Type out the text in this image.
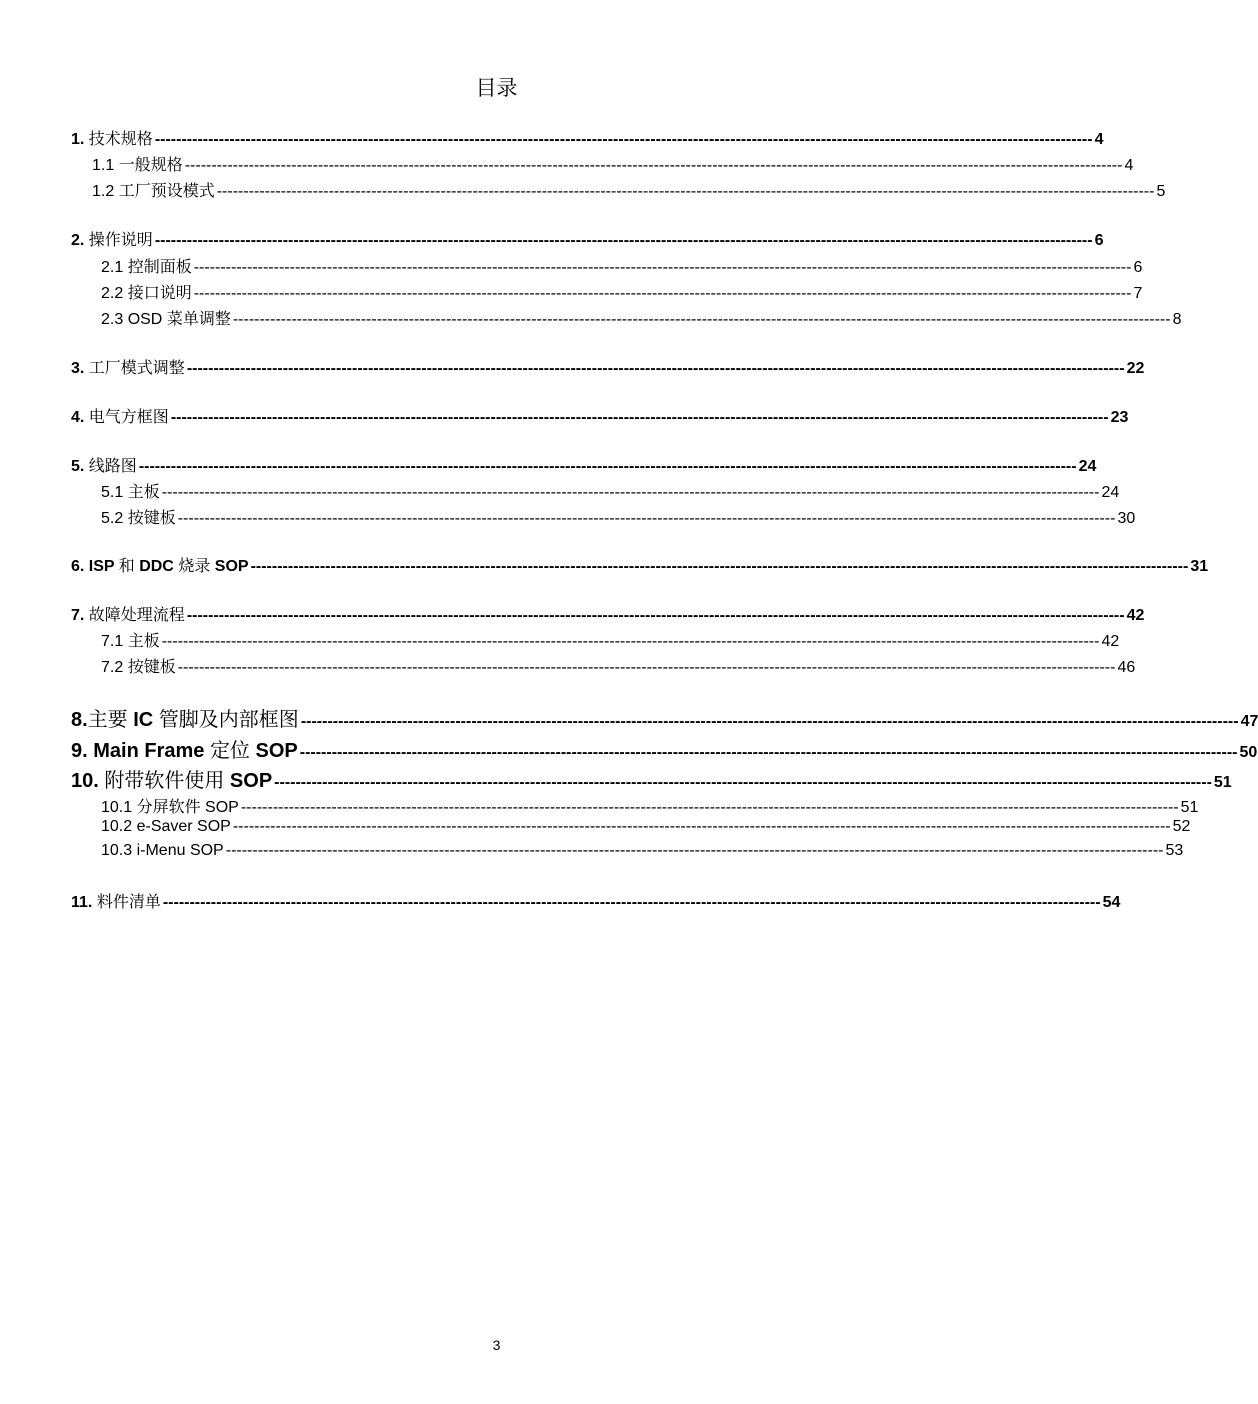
目录
1. 技术规格 -------------------------------------------------------------------------------------------------------------------------------------------------------------------------------- 4
1.1 一般规格 -------------------------------------------------------------------------------------------------------------------------------------------------------------------------------- 4
1.2 工厂预设模式 -------------------------------------------------------------------------------------------------------------------------------------------------------------------------------- 5
2. 操作说明 -------------------------------------------------------------------------------------------------------------------------------------------------------------------------------- 6
2.1 控制面板 -------------------------------------------------------------------------------------------------------------------------------------------------------------------------------- 6
2.2 接口说明 -------------------------------------------------------------------------------------------------------------------------------------------------------------------------------- 7
2.3 OSD 菜单调整 -------------------------------------------------------------------------------------------------------------------------------------------------------------------------------- 8
3. 工厂模式调整 -------------------------------------------------------------------------------------------------------------------------------------------------------------------------------- 22
4. 电气方框图 -------------------------------------------------------------------------------------------------------------------------------------------------------------------------------- 23
5. 线路图 -------------------------------------------------------------------------------------------------------------------------------------------------------------------------------- 24
5.1 主板 -------------------------------------------------------------------------------------------------------------------------------------------------------------------------------- 24
5.2 按键板 -------------------------------------------------------------------------------------------------------------------------------------------------------------------------------- 30
6. ISP 和 DDC 烧录 SOP -------------------------------------------------------------------------------------------------------------------------------------------------------------------------------- 31
7. 故障处理流程 -------------------------------------------------------------------------------------------------------------------------------------------------------------------------------- 42
7.1 主板 -------------------------------------------------------------------------------------------------------------------------------------------------------------------------------- 42
7.2 按键板 -------------------------------------------------------------------------------------------------------------------------------------------------------------------------------- 46
8.主要 IC 管脚及内部框图 -------------------------------------------------------------------------------------------------------------------------------------------------------------------------------- 47
9. Main Frame 定位 SOP -------------------------------------------------------------------------------------------------------------------------------------------------------------------------------- 50
10. 附带软件使用 SOP -------------------------------------------------------------------------------------------------------------------------------------------------------------------------------- 51
10.1 分屏软件 SOP -------------------------------------------------------------------------------------------------------------------------------------------------------------------------------- 51
10.2 e-Saver SOP -------------------------------------------------------------------------------------------------------------------------------------------------------------------------------- 52
10.3 i-Menu SOP -------------------------------------------------------------------------------------------------------------------------------------------------------------------------------- 53
11. 料件清单 -------------------------------------------------------------------------------------------------------------------------------------------------------------------------------- 54
3
